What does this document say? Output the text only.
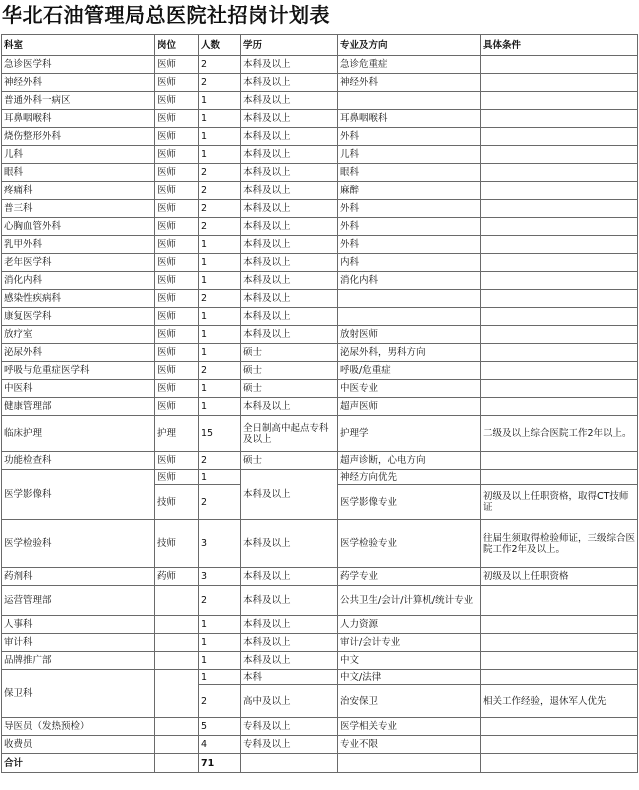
华北石油管理局总医院社招岗计划表
科室	岗位	人数	学历	专业及方向	具体条件
急诊医学科	医师	2	本科及以上	急诊危重症	
神经外科	医师	2	本科及以上	神经外科	
普通外科一病区	医师	1	本科及以上		
耳鼻咽喉科	医师	1	本科及以上	耳鼻咽喉科	
烧伤整形外科	医师	1	本科及以上	外科	
儿科	医师	1	本科及以上	儿科	
眼科	医师	2	本科及以上	眼科	
疼痛科	医师	2	本科及以上	麻醉	
普三科	医师	2	本科及以上	外科	
心胸血管外科	医师	2	本科及以上	外科	
乳甲外科	医师	1	本科及以上	外科	
老年医学科	医师	1	本科及以上	内科	
消化内科	医师	1	本科及以上	消化内科	
感染性疾病科	医师	2	本科及以上		
康复医学科	医师	1	本科及以上		
放疗室	医师	1	本科及以上	放射医师	
泌尿外科	医师	1	硕士	泌尿外科，男科方向	
呼吸与危重症医学科	医师	2	硕士	呼吸/危重症	
中医科	医师	1	硕士	中医专业	
健康管理部	医师	1	本科及以上	超声医师	
临床护理	护理	15	全日制高中起点专科及以上	护理学	二级及以上综合医院工作2年以上。
功能检查科	医师	2	硕士	超声诊断，心电方向	
医学影像科	医师	1	本科及以上	神经方向优先	
	技师	2		医学影像专业	初级及以上任职资格，取得CT技师证
医学检验科	技师	3	本科及以上	医学检验专业	往届生须取得检验师证，三级综合医院工作2年及以上。
药剂科	药师	3	本科及以上	药学专业	初级及以上任职资格
运营管理部		2	本科及以上	公共卫生/会计/计算机/统计专业	
人事科		1	本科及以上	人力资源	
审计科		1	本科及以上	审计/会计专业	
品牌推广部		1	本科及以上	中文	
保卫科		1	本科	中文/法律	
		2	高中及以上	治安保卫	相关工作经验，退休军人优先
导医员（发热预检）		5	专科及以上	医学相关专业	
收费员		4	专科及以上	专业不限	
合计		71			
